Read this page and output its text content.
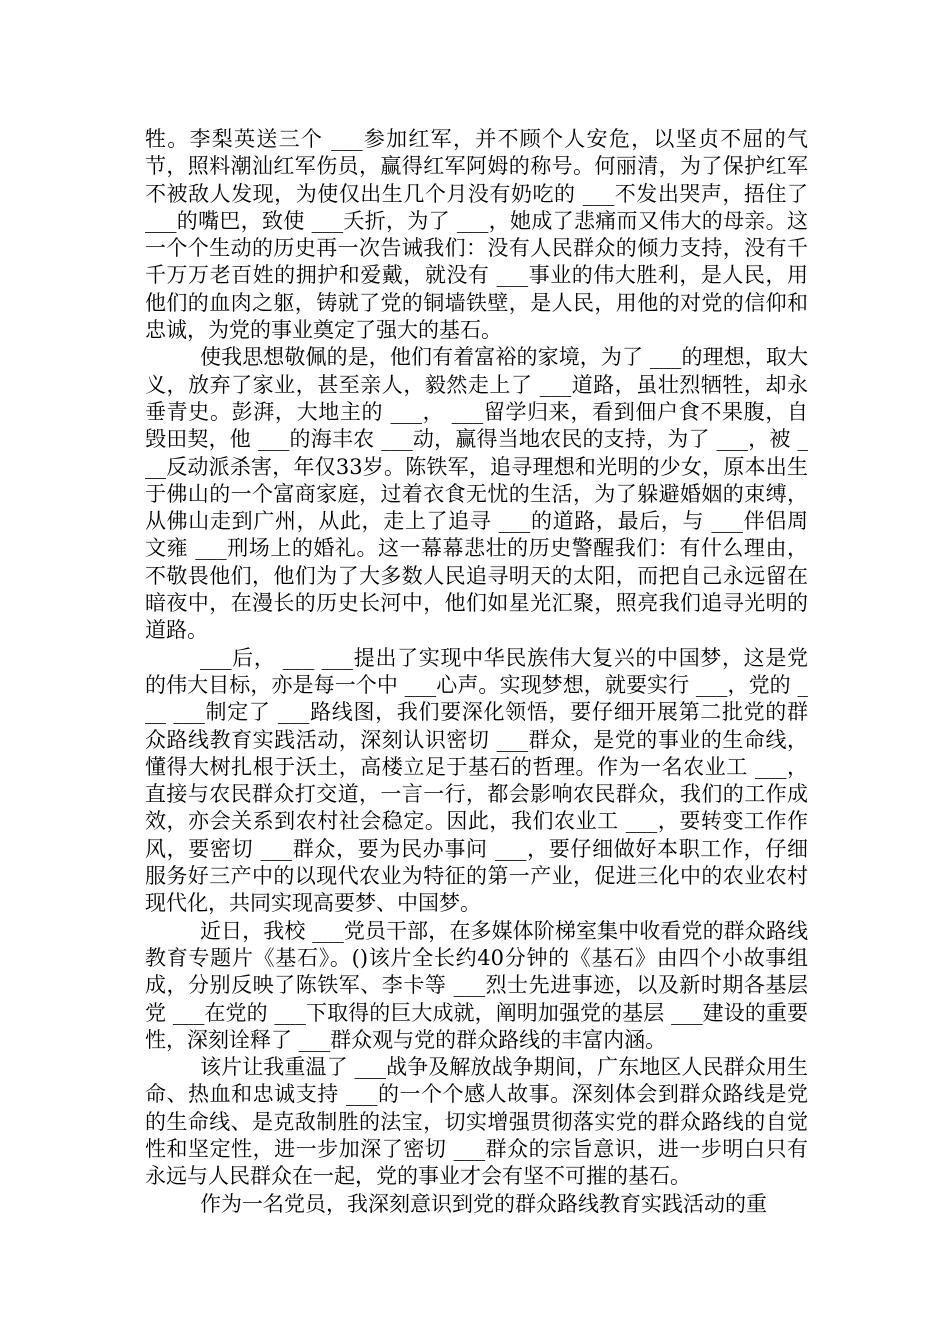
牲。李梨英送三个 ___参加红军，并不顾个人安危，以坚贞不屈的气节，照料潮汕红军伤员，赢得红军阿姆的称号。何丽清，为了保护红军不被敌人发现，为使仅出生几个月没有奶吃的 ___不发出哭声，捂住了 ___的嘴巴，致使 ___夭折，为了 ___，她成了悲痛而又伟大的母亲。这一个个生动的历史再一次告诫我们：没有人民群众的倾力支持，没有千千万万老百姓的拥护和爱戴，就没有 ___事业的伟大胜利，是人民，用他们的血肉之躯，铸就了党的铜墙铁壁，是人民，用他的对党的信仰和忠诚，为党的事业奠定了强大的基石。

使我思想敬佩的是，他们有着富裕的家境，为了 ___的理想，取大义，放弃了家业，甚至亲人，毅然走上了 ___道路，虽壮烈牺牲，却永垂青史。彭湃，大地主的 ___， ___留学归来，看到佃户食不果腹，自毁田契，他 ___的海丰农 ___动，赢得当地农民的支持，为了 ___，被 ___反动派杀害，年仅33岁。陈铁军，追寻理想和光明的少女，原本出生于佛山的一个富商家庭，过着衣食无忧的生活，为了躲避婚姻的束缚，从佛山走到广州，从此，走上了追寻 ___的道路，最后，与 ___伴侣周文雍 ___刑场上的婚礼。这一幕幕悲壮的历史警醒我们：有什么理由，不敬畏他们，他们为了大多数人民追寻明天的太阳，而把自己永远留在暗夜中，在漫长的历史长河中，他们如星光汇聚，照亮我们追寻光明的道路。

___后， ___ ___提出了实现中华民族伟大复兴的中国梦，这是党的伟大目标，亦是每一个中 ___心声。实现梦想，就要实行 ___，党的 ___ ___制定了 ___路线图，我们要深化领悟，要仔细开展第二批党的群众路线教育实践活动，深刻认识密切 ___群众，是党的事业的生命线，懂得大树扎根于沃土，高楼立足于基石的哲理。作为一名农业工 ___，直接与农民群众打交道，一言一行，都会影响农民群众，我们的工作成效，亦会关系到农村社会稳定。因此，我们农业工 ___，要转变工作作风，要密切 ___群众，要为民办事问 ___，要仔细做好本职工作，仔细服务好三产中的以现代农业为特征的第一产业，促进三化中的农业农村现代化，共同实现高要梦、中国梦。

近日，我校 ___党员干部，在多媒体阶梯室集中收看党的群众路线教育专题片《基石》。()该片全长约40分钟的《基石》由四个小故事组成，分别反映了陈铁军、李卡等 ___烈士先进事迹，以及新时期各基层党 ___在党的 ___下取得的巨大成就，阐明加强党的基层 ___建设的重要性，深刻诠释了 ___群众观与党的群众路线的丰富内涵。

该片让我重温了 ___战争及解放战争期间，广东地区人民群众用生命、热血和忠诚支持 ___的一个个感人故事。深刻体会到群众路线是党的生命线、是克敌制胜的法宝，切实增强贯彻落实党的群众路线的自觉性和坚定性，进一步加深了密切 ___群众的宗旨意识，进一步明白只有永远与人民群众在一起，党的事业才会有坚不可摧的基石。

作为一名党员，我深刻意识到党的群众路线教育实践活动的重
